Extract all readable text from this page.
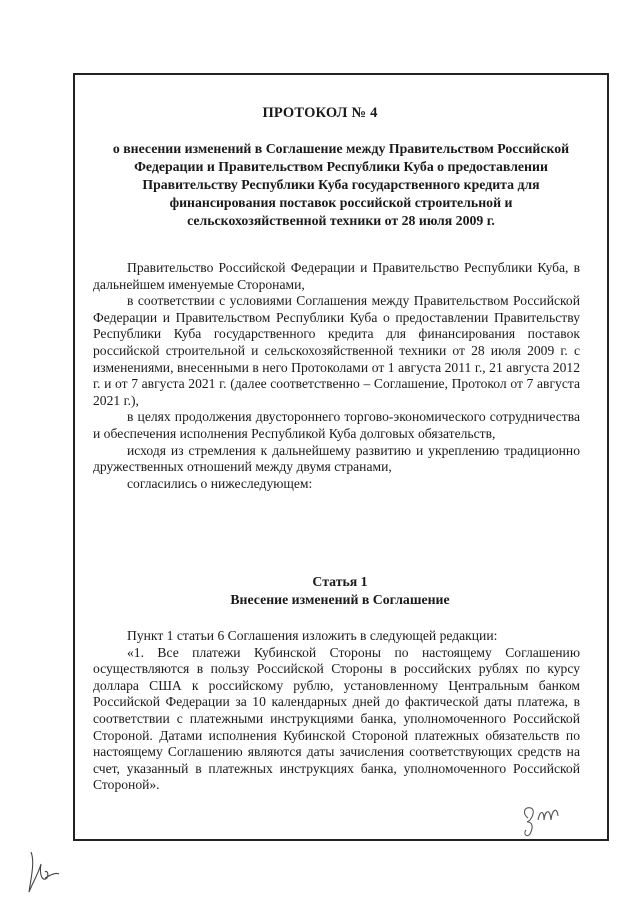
ПРОТОКОЛ № 4
о внесении изменений в Соглашение между Правительством Российской Федерации и Правительством Республики Куба о предоставлении Правительству Республики Куба государственного кредита для финансирования поставок российской строительной и сельскохозяйственной техники от 28 июля 2009 г.

Правительство Российской Федерации и Правительство Республики Куба, в дальнейшем именуемые Сторонами,

в соответствии с условиями Соглашения между Правительством Российской Федерации и Правительством Республики Куба о предоставлении Правительству Республики Куба государственного кредита для финансирования поставок российской строительной и сельскохозяйственной техники от 28 июля 2009 г. с изменениями, внесенными в него Протоколами от 1 августа 2011 г., 21 августа 2012 г. и от 7 августа 2021 г. (далее соответственно – Соглашение, Протокол от 7 августа 2021 г.),

в целях продолжения двустороннего торгово-экономического сотрудничества и обеспечения исполнения Республикой Куба долговых обязательств,

исходя из стремления к дальнейшему развитию и укреплению традиционно дружественных отношений между двумя странами,

согласились о нижеследующем:

Статья 1
Внесение изменений в Соглашение

Пункт 1 статьи 6 Соглашения изложить в следующей редакции:

«1. Все платежи Кубинской Стороны по настоящему Соглашению осуществляются в пользу Российской Стороны в российских рублях по курсу доллара США к российскому рублю, установленному Центральным банком Российской Федерации за 10 календарных дней до фактической даты платежа, в соответствии с платежными инструкциями банка, уполномоченного Российской Стороной. Датами исполнения Кубинской Стороной платежных обязательств по настоящему Соглашению являются даты зачисления соответствующих средств на счет, указанный в платежных инструкциях банка, уполномоченного Российской Стороной».
